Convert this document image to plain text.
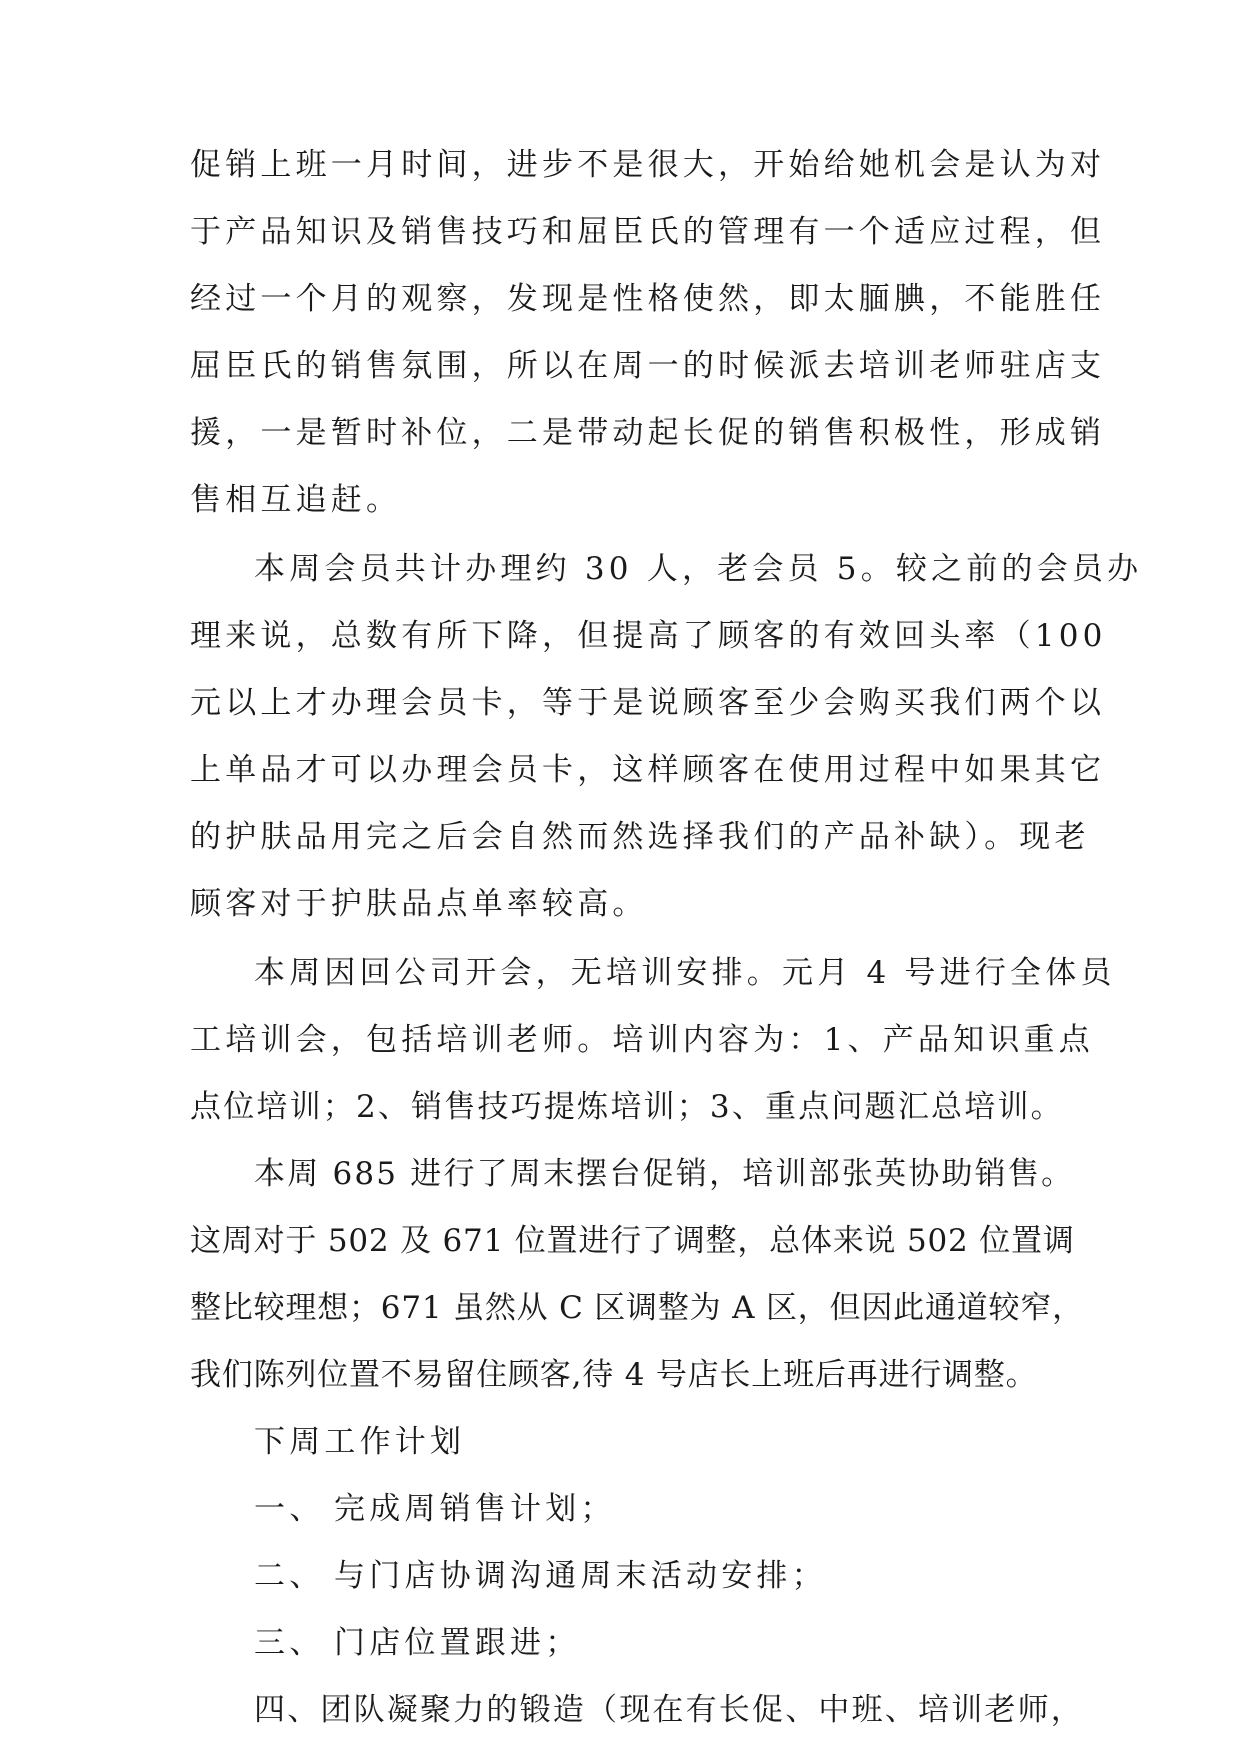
促销上班一月时间，进步不是很大，开始给她机会是认为对

于产品知识及销售技巧和屈臣氏的管理有一个适应过程，但

经过一个月的观察，发现是性格使然，即太腼腆，不能胜任

屈臣氏的销售氛围，所以在周一的时候派去培训老师驻店支

援，一是暂时补位，二是带动起长促的销售积极性，形成销

售相互追赶。

本周会员共计办理约 30 人，老会员 5。较之前的会员办

理来说，总数有所下降，但提高了顾客的有效回头率（100

元以上才办理会员卡，等于是说顾客至少会购买我们两个以

上单品才可以办理会员卡，这样顾客在使用过程中如果其它

的护肤品用完之后会自然而然选择我们的产品补缺）。现老

顾客对于护肤品点单率较高。

本周因回公司开会，无培训安排。元月 4 号进行全体员

工培训会，包括培训老师。培训内容为：1、产品知识重点

点位培训；2、销售技巧提炼培训；3、重点问题汇总培训。

本周 685 进行了周末摆台促销，培训部张英协助销售。

这周对于 502 及 671 位置进行了调整，总体来说 502 位置调

整比较理想；671 虽然从 C 区调整为 A 区，但因此通道较窄，

我们陈列位置不易留住顾客,待 4 号店长上班后再进行调整。

下周工作计划

一、 完成周销售计划；

二、 与门店协调沟通周末活动安排；

三、 门店位置跟进；

四、团队凝聚力的锻造（现在有长促、中班、培训老师，
